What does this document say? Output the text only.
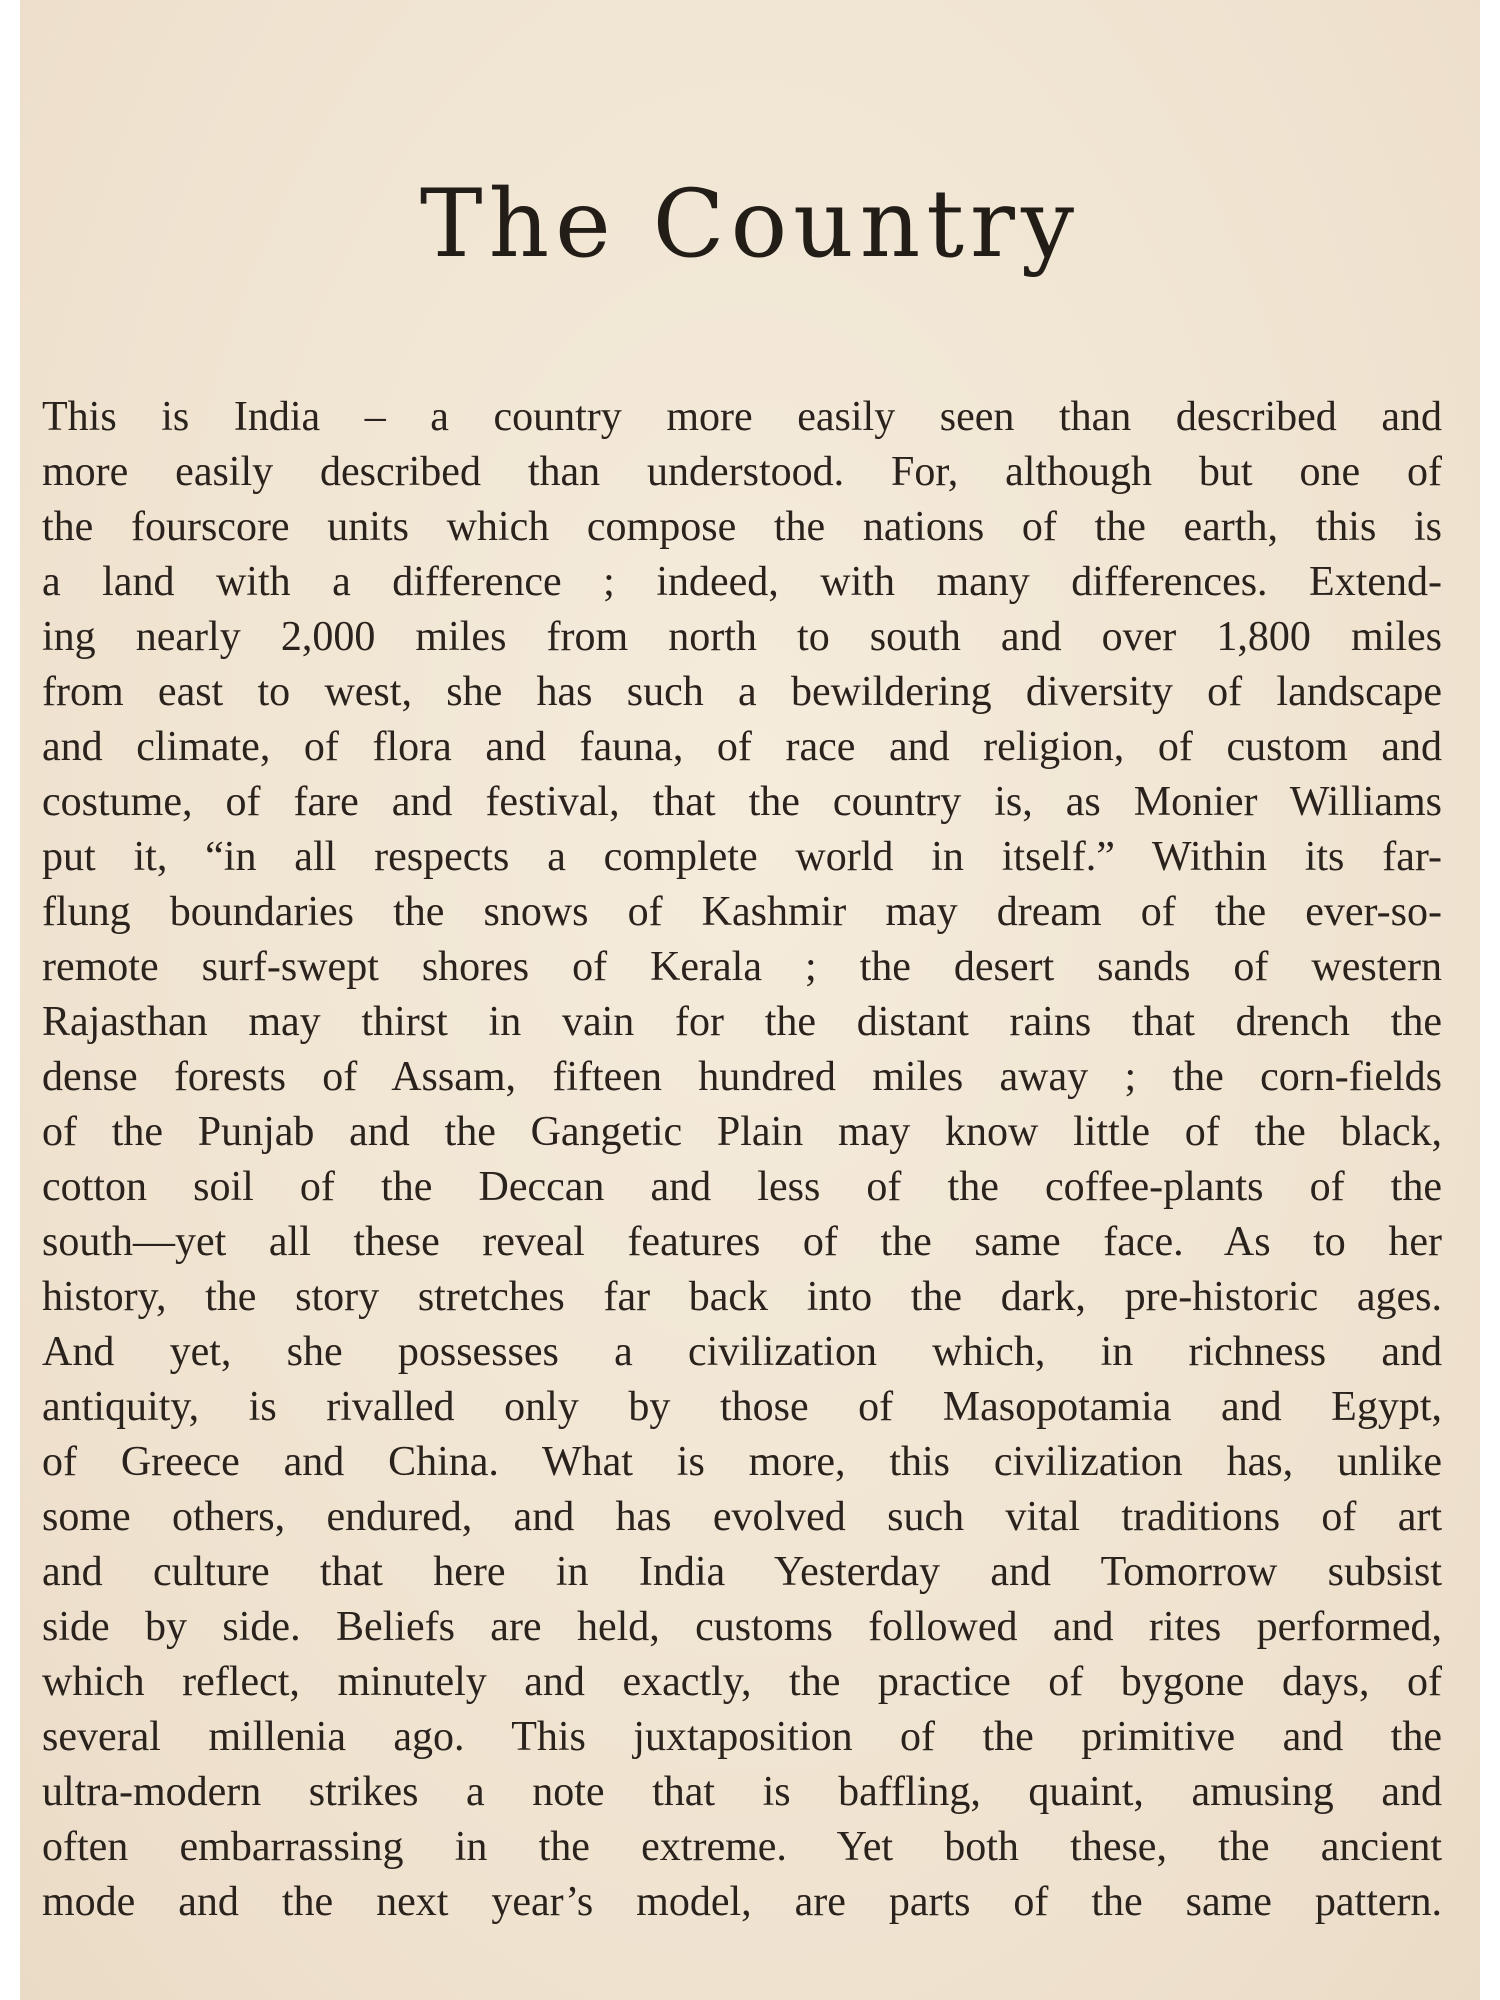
The Country
This is India – a country more easily seen than described and
more easily described than understood. For, although but one of
the fourscore units which compose the nations of the earth, this is
a land with a difference ; indeed, with many differences. Extend-
ing nearly 2,000 miles from north to south and over 1,800 miles
from east to west, she has such a bewildering diversity of landscape
and climate, of flora and fauna, of race and religion, of custom and
costume, of fare and festival, that the country is, as Monier Williams
put it, “in all respects a complete world in itself.” Within its far-
flung boundaries the snows of Kashmir may dream of the ever-so-
remote surf-swept shores of Kerala ; the desert sands of western
Rajasthan may thirst in vain for the distant rains that drench the
dense forests of Assam, fifteen hundred miles away ; the corn-fields
of the Punjab and the Gangetic Plain may know little of the black,
cotton soil of the Deccan and less of the coffee-plants of the
south—yet all these reveal features of the same face. As to her
history, the story stretches far back into the dark, pre-historic ages.
And yet, she possesses a civilization which, in richness and
antiquity, is rivalled only by those of Masopotamia and Egypt,
of Greece and China. What is more, this civilization has, unlike
some others, endured, and has evolved such vital traditions of art
and culture that here in India Yesterday and Tomorrow subsist
side by side. Beliefs are held, customs followed and rites performed,
which reflect, minutely and exactly, the practice of bygone days, of
several millenia ago. This juxtaposition of the primitive and the
ultra-modern strikes a note that is baffling, quaint, amusing and
often embarrassing in the extreme. Yet both these, the ancient
mode and the next year’s model, are parts of the same pattern.
